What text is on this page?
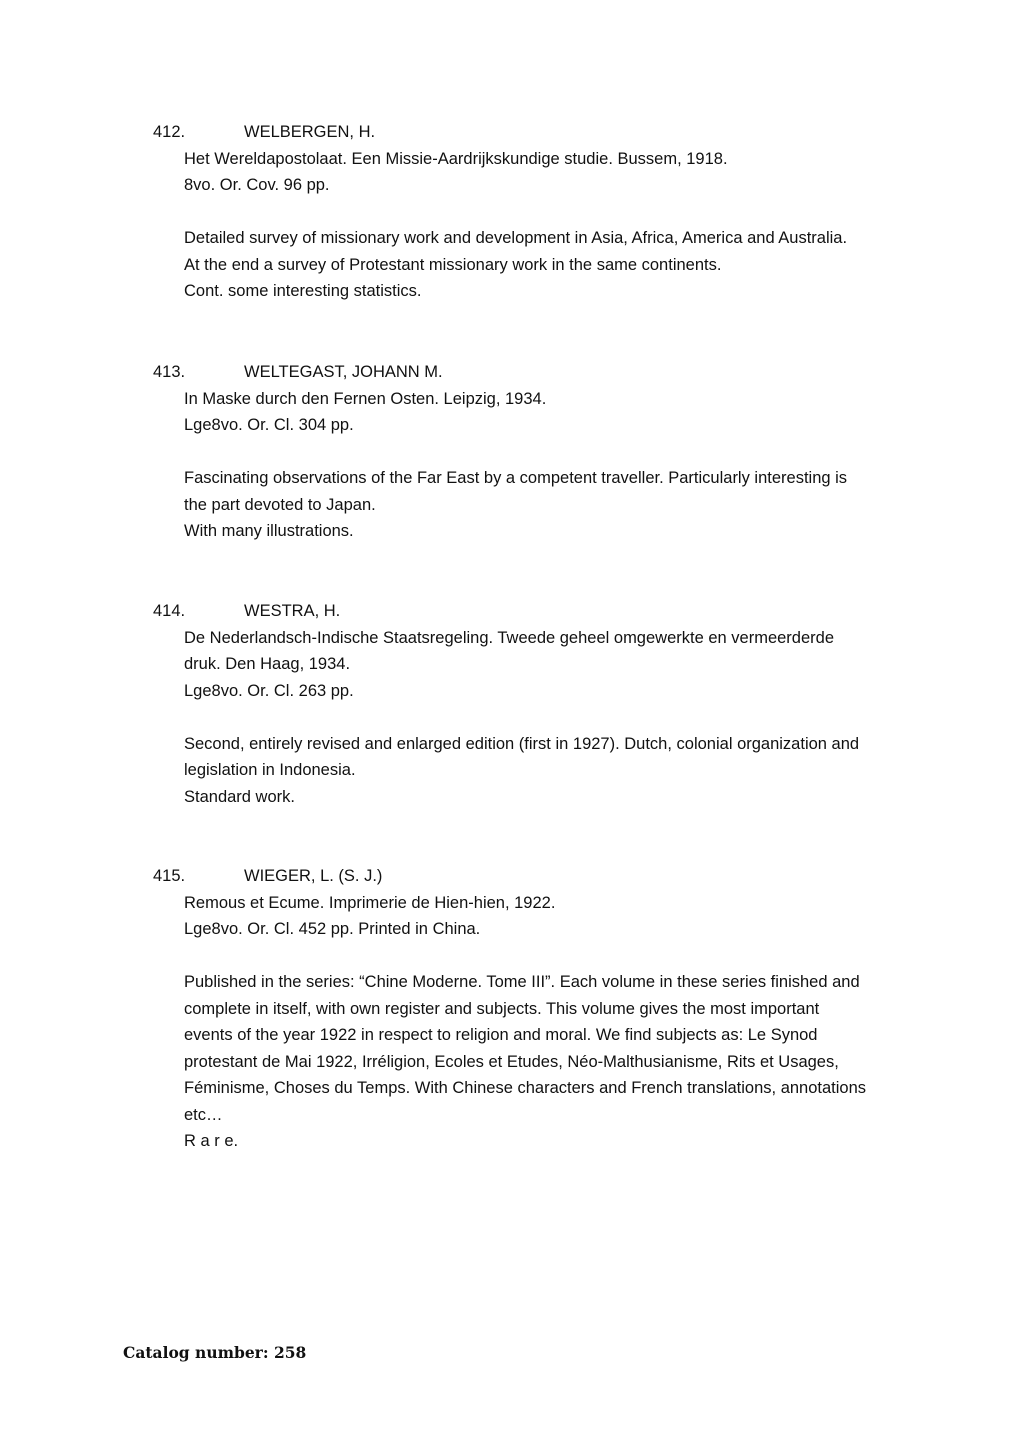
412.	WELBERGEN, H.
Het Wereldapostolaat. Een Missie-Aardrijkskundige studie. Bussem, 1918.
8vo. Or. Cov. 96 pp.
Detailed survey of missionary work and development in Asia, Africa, America and Australia.
At the end a survey of Protestant missionary work in the same continents.
Cont. some interesting statistics.
413.	WELTEGAST, JOHANN M.
In Maske durch den Fernen Osten. Leipzig, 1934.
Lge8vo. Or. Cl. 304 pp.
Fascinating observations of the Far East by a competent traveller. Particularly interesting is
the part devoted to Japan.
With many illustrations.
414.	WESTRA, H.
De Nederlandsch-Indische Staatsregeling. Tweede geheel omgewerkte en vermeerderde
druk. Den Haag, 1934.
Lge8vo. Or. Cl. 263 pp.
Second, entirely revised and enlarged edition (first in 1927). Dutch, colonial organization and
legislation in Indonesia.
Standard work.
415.	WIEGER, L. (S. J.)
Remous et Ecume. Imprimerie de Hien-hien, 1922.
Lge8vo. Or. Cl. 452 pp. Printed in China.
Published in the series: “Chine Moderne. Tome III”. Each volume in these series finished and
complete in itself, with own register and subjects. This volume gives the most important
events of the year 1922 in respect to religion and moral. We find subjects as: Le Synod
protestant de Mai 1922, Irréligion, Ecoles et Etudes, Néo-Malthusianisme, Rits et Usages,
Féminisme, Choses du Temps. With Chinese characters and French translations, annotations
etc…
R a r e.
Catalog number: 258
